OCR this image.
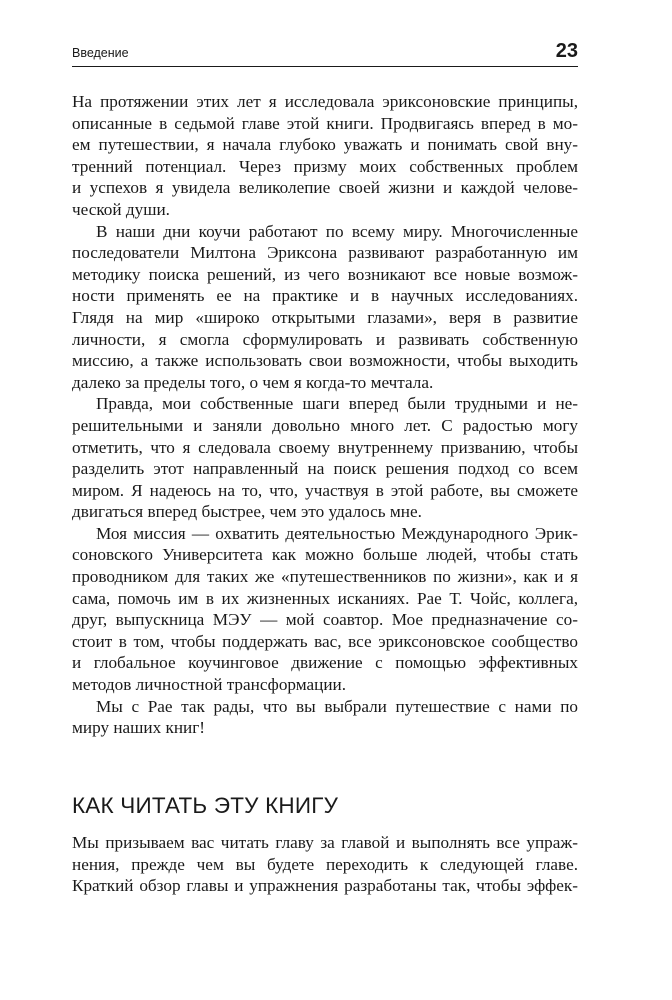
Введение	23
На протяжении этих лет я исследовала эриксоновские принципы,
описанные в седьмой главе этой книги. Продвигаясь вперед в мо-
ем путешествии, я начала глубоко уважать и понимать свой вну-
тренний потенциал. Через призму моих собственных проблем
и успехов я увидела великолепие своей жизни и каждой челове-
ческой души.
В наши дни коучи работают по всему миру. Многочисленные
последователи Милтона Эриксона развивают разработанную им
методику поиска решений, из чего возникают все новые возмож-
ности применять ее на практике и в научных исследованиях.
Глядя на мир «широко открытыми глазами», веря в развитие
личности, я смогла сформулировать и развивать собственную
миссию, а также использовать свои возможности, чтобы выходить
далеко за пределы того, о чем я когда-то мечтала.
Правда, мои собственные шаги вперед были трудными и не-
решительными и заняли довольно много лет. С радостью могу
отметить, что я следовала своему внутреннему призванию, чтобы
разделить этот направленный на поиск решения подход со всем
миром. Я надеюсь на то, что, участвуя в этой работе, вы сможете
двигаться вперед быстрее, чем это удалось мне.
Моя миссия — охватить деятельностью Международного Эрик-
соновского Университета как можно больше людей, чтобы стать
проводником для таких же «путешественников по жизни», как и я
сама, помочь им в их жизненных исканиях. Рае Т. Чойс, коллега,
друг, выпускница МЭУ — мой соавтор. Мое предназначение со-
стоит в том, чтобы поддержать вас, все эриксоновское сообщество
и глобальное коучинговое движение с помощью эффективных
методов личностной трансформации.
Мы с Рае так рады, что вы выбрали путешествие с нами по
миру наших книг!
КАК ЧИТАТЬ ЭТУ КНИГУ
Мы призываем вас читать главу за главой и выполнять все упраж-
нения, прежде чем вы будете переходить к следующей главе.
Краткий обзор главы и упражнения разработаны так, чтобы эффек-
